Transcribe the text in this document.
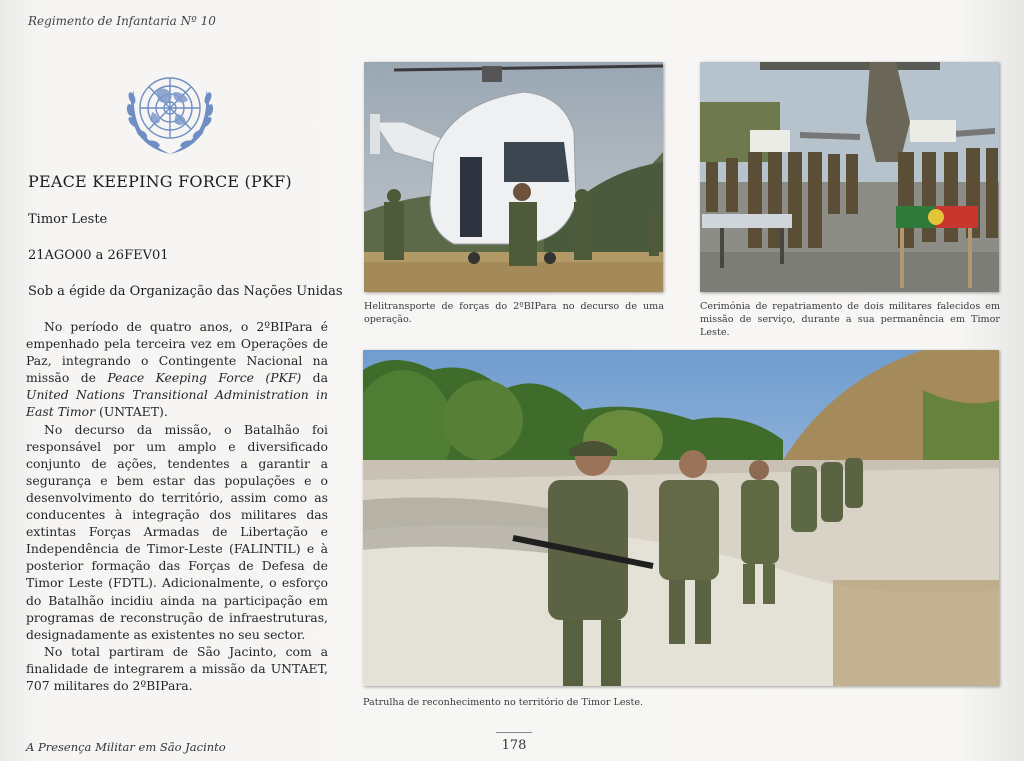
Regimento de Infantaria Nº 10
PEACE KEEPING FORCE (PKF)
Timor Leste
21AGO00 a 26FEV01
Sob a égide da Organização das Nações Unidas

No período de quatro anos, o 2ºBIPara é empenhado pela terceira vez em Operações de Paz, integrando o Contingente Nacional na missão de Peace Keeping Force (PKF) da United Nations Transitional Administration in East Timor (UNTAET).

No decurso da missão, o Batalhão foi responsável por um amplo e diversificado conjunto de ações, tendentes a garantir a segurança e bem estar das populações e o desenvolvimento do território, assim como as conducentes à integração dos militares das extintas Forças Armadas de Libertação e Independência de Timor-Leste (FALINTIL) e à posterior formação das Forças de Defesa de Timor Leste (FDTL). Adicionalmente, o esforço do Batalhão incidiu ainda na participação em programas de reconstrução de infraestruturas, designadamente as existentes no seu sector.

No total partiram de São Jacinto, com a finalidade de integrarem a missão da UNTAET, 707 militares do 2ºBIPara.

Helitransporte de forças do 2ºBIPara no decurso de uma operação.
Cerimónia de repatriamento de dois militares falecidos em missão de serviço, durante a sua permanência em Timor Leste.
Patrulha de reconhecimento no território de Timor Leste.
A Presença Militar em São Jacinto	178
